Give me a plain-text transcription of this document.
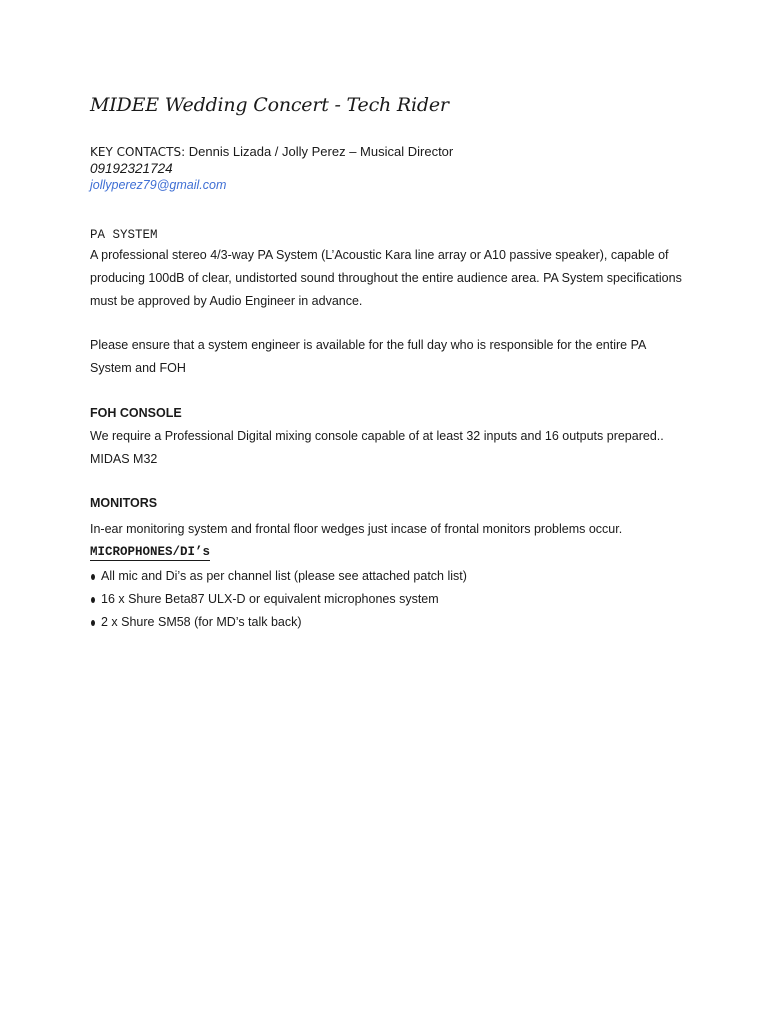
MIDEE Wedding Concert - Tech Rider
KEY CONTACTS: Dennis Lizada / Jolly Perez – Musical Director
09192321724
jollyperez79@gmail.com
PA SYSTEM

A professional stereo 4/3-way PA System (L’Acoustic Kara line array or A10 passive speaker), capable of producing 100dB of clear, undistorted sound throughout the entire audience area. PA System specifications must be approved by Audio Engineer in advance.

Please ensure that a system engineer is available for the full day who is responsible for the entire PA System and FOH

FOH CONSOLE

We require a Professional Digital mixing console capable of at least 32 inputs and 16 outputs prepared.. MIDAS M32

MONITORS

In-ear monitoring system and frontal floor wedges just incase of frontal monitors problems occur.

MICROPHONES/DI’s
All mic and Di’s as per channel list (please see attached patch list)
16 x Shure Beta87 ULX-D or equivalent microphones system
2 x Shure SM58 (for MD’s talk back)
